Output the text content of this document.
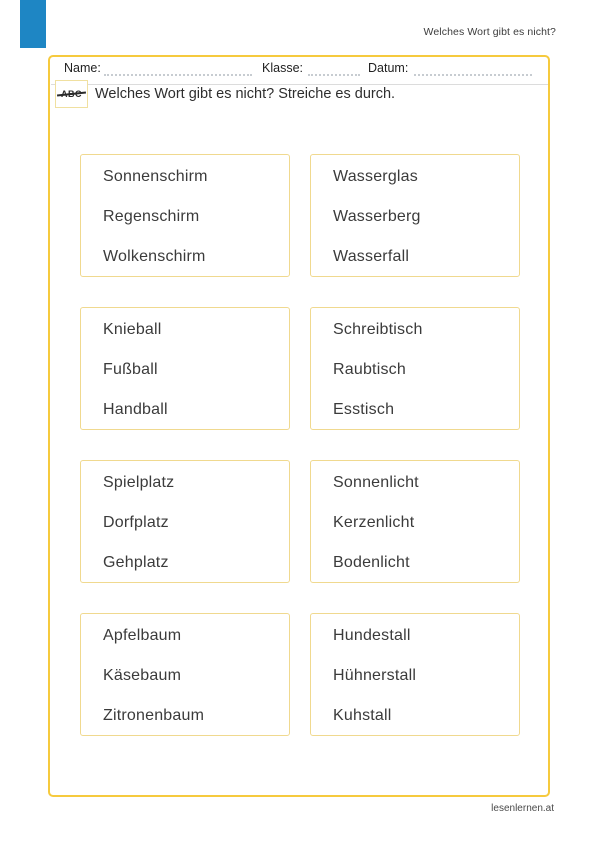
Welches Wort gibt es nicht?
Name:	Klasse:	Datum:
Welches Wort gibt es nicht? Streiche es durch.
Sonnenschirm
Regenschirm
Wolkenschirm
Wasserglas
Wasserberg
Wasserfall
Knieball
Fußball
Handball
Schreibtisch
Raubtisch
Esstisch
Spielplatz
Dorfplatz
Gehplatz
Sonnenlicht
Kerzenlicht
Bodenlicht
Apfelbaum
Käsebaum
Zitronenbaum
Hundestall
Hühnerstall
Kuhstall
lesenlernen.at
